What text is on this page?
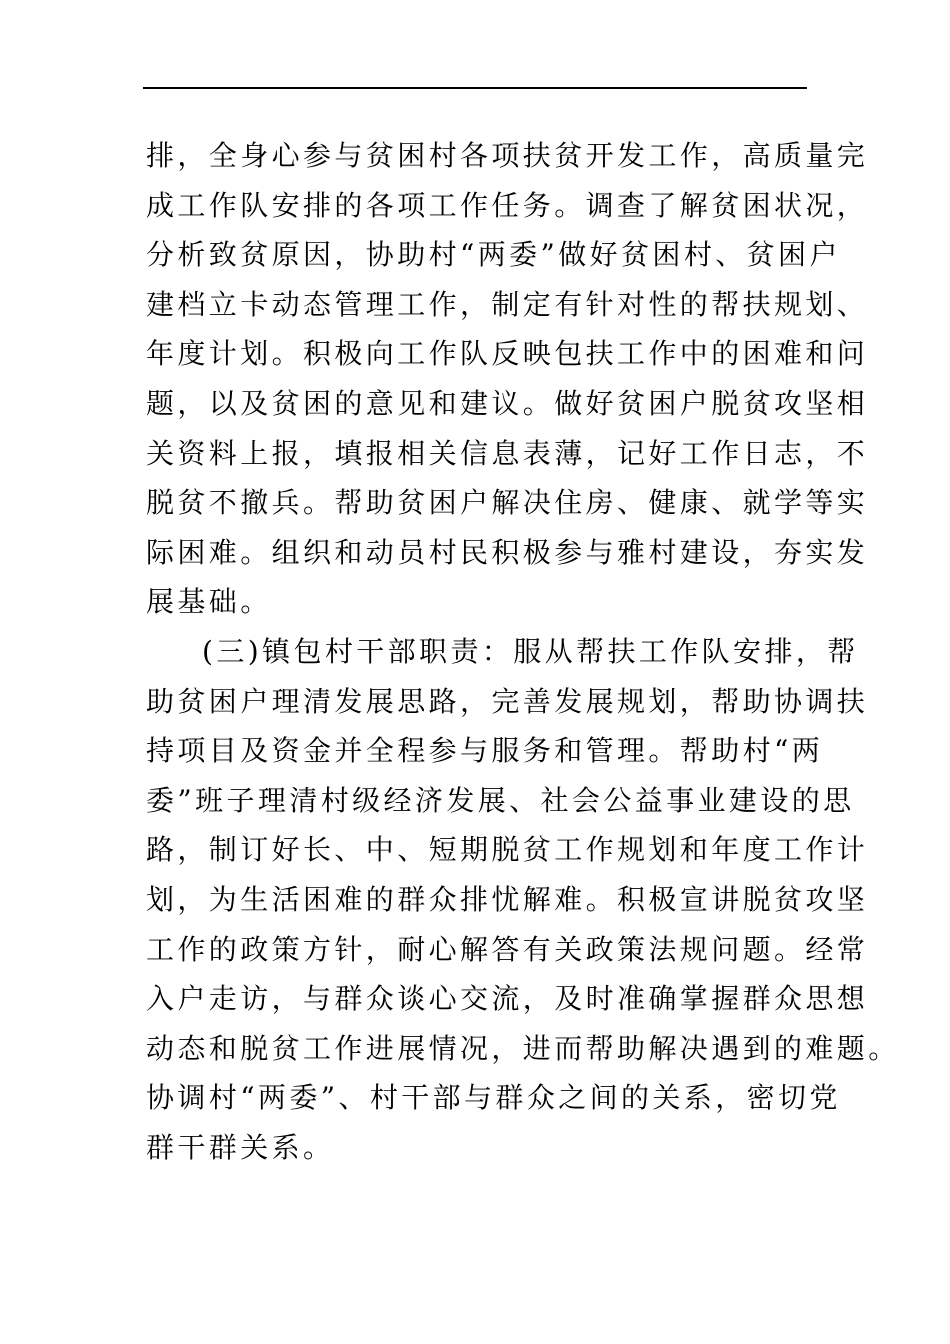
排，全身心参与贫困村各项扶贫开发工作，高质量完
成工作队安排的各项工作任务。调查了解贫困状况，
分析致贫原因，协助村“两委”做好贫困村、贫困户
建档立卡动态管理工作，制定有针对性的帮扶规划、
年度计划。积极向工作队反映包扶工作中的困难和问
题，以及贫困的意见和建议。做好贫困户脱贫攻坚相
关资料上报，填报相关信息表薄，记好工作日志，不
脱贫不撤兵。帮助贫困户解决住房、健康、就学等实
际困难。组织和动员村民积极参与雅村建设，夯实发
展基础。
(三)镇包村干部职责：服从帮扶工作队安排，帮
助贫困户理清发展思路，完善发展规划，帮助协调扶
持项目及资金并全程参与服务和管理。帮助村“两
委”班子理清村级经济发展、社会公益事业建设的思
路，制订好长、中、短期脱贫工作规划和年度工作计
划，为生活困难的群众排忧解难。积极宣讲脱贫攻坚
工作的政策方针，耐心解答有关政策法规问题。经常
入户走访，与群众谈心交流，及时准确掌握群众思想
动态和脱贫工作进展情况，进而帮助解决遇到的难题。
协调村“两委”、村干部与群众之间的关系，密切党
群干群关系。
